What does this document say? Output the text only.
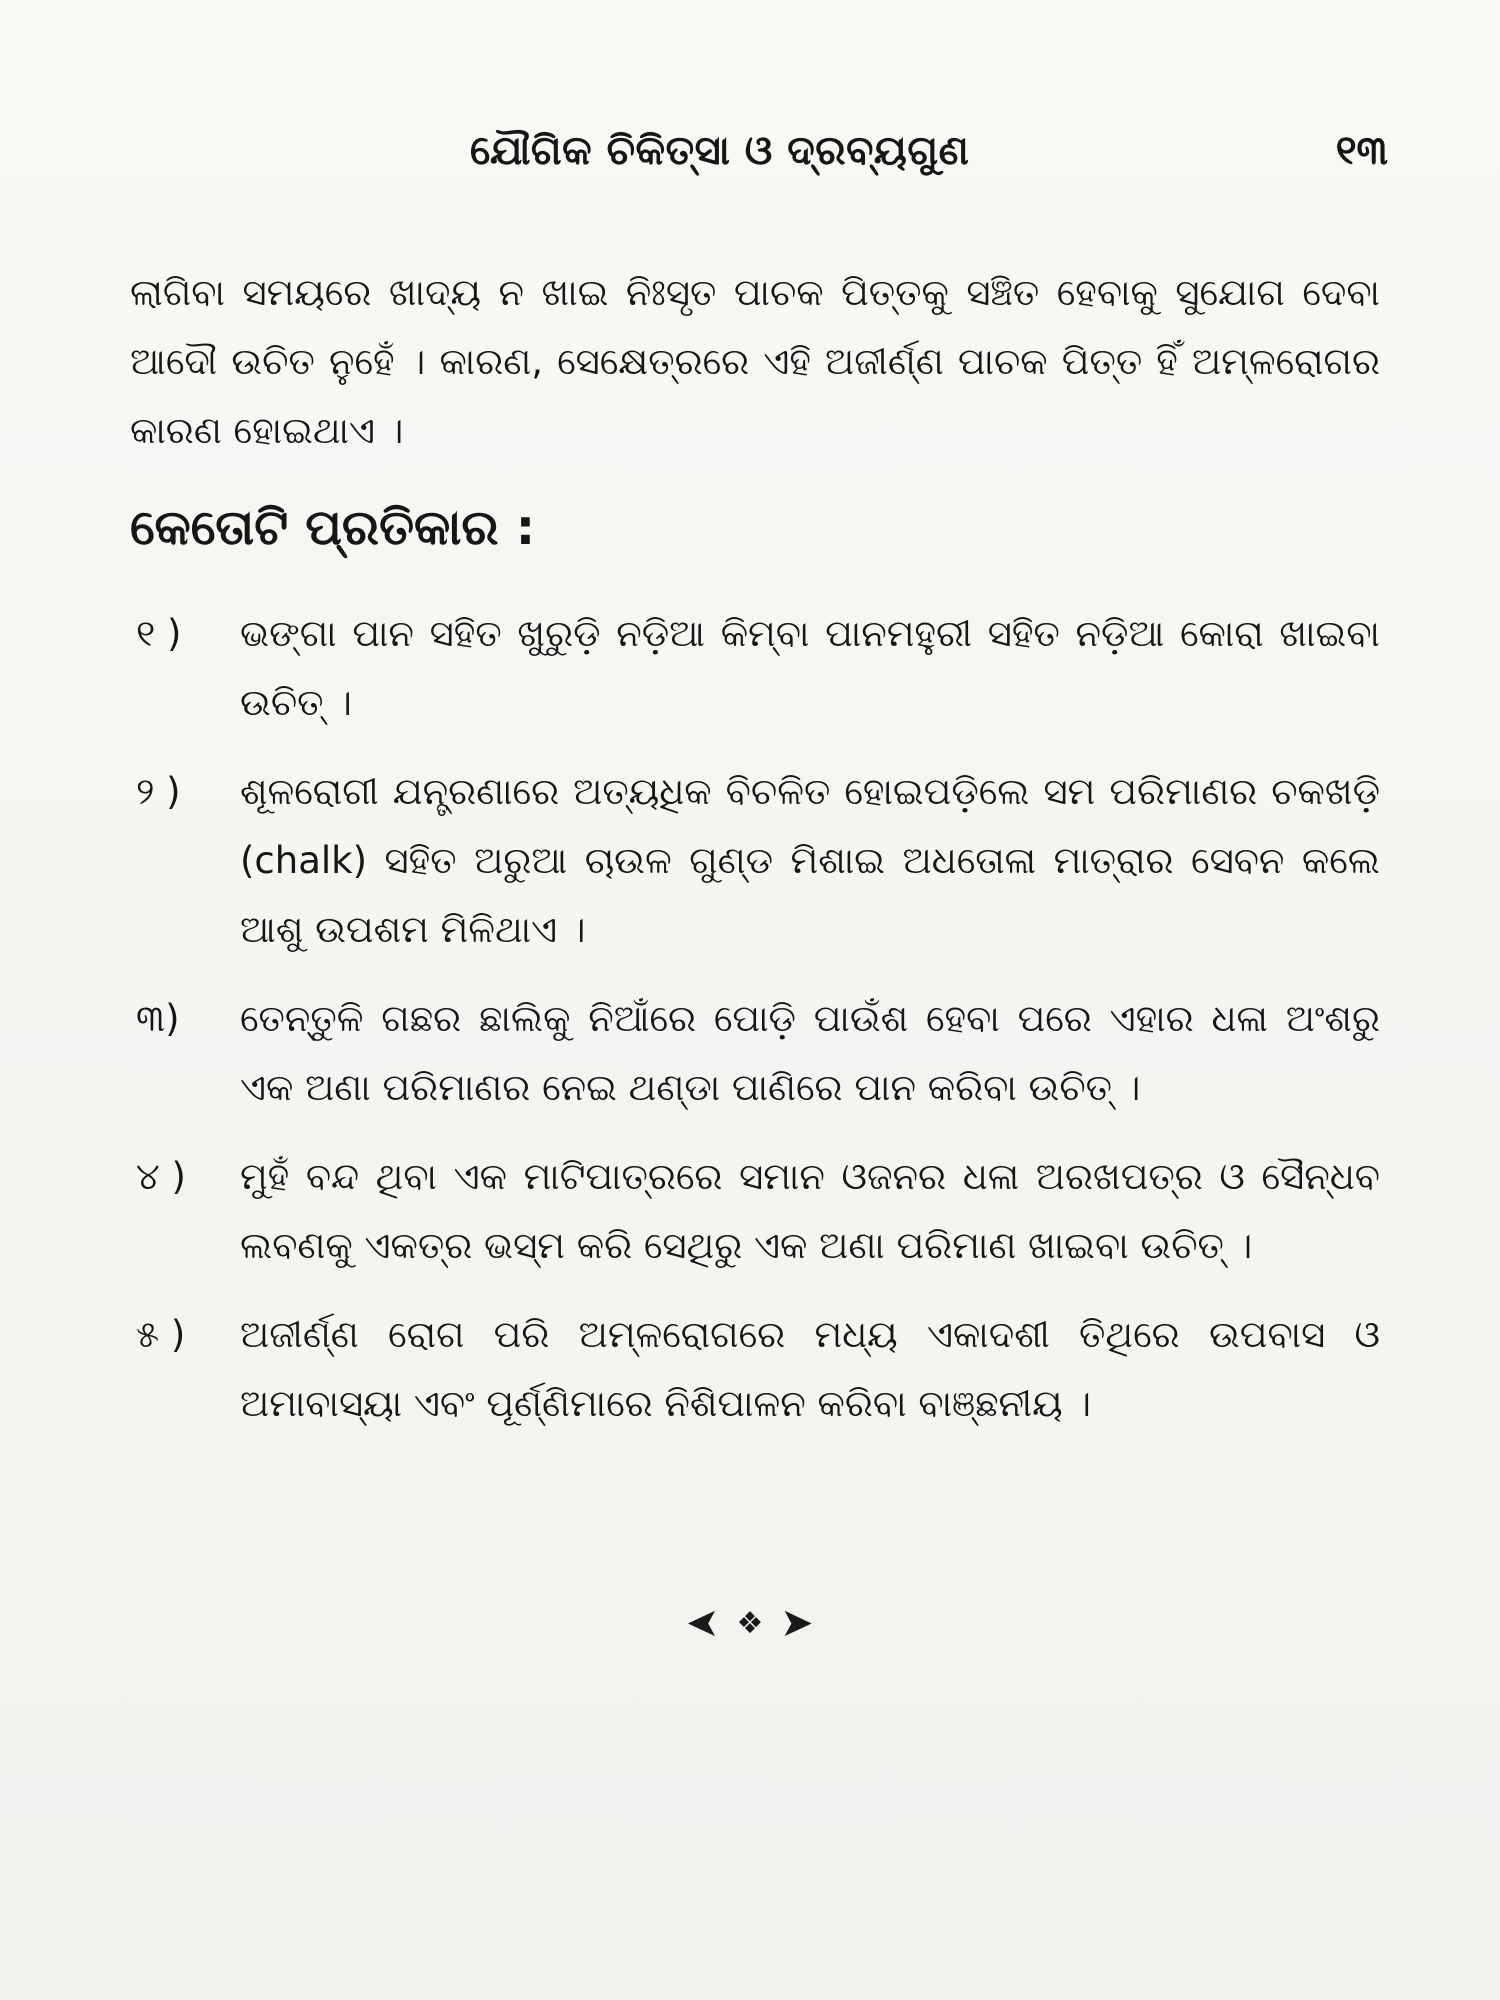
ଯୌଗିକ ଚିକିତ୍ସା ଓ ଦ୍ରବ୍ୟଗୁଣ	୧୩

ଲାଗିବା ସମୟରେ ଖାଦ୍ୟ ନ ଖାଇ ନିଃସୃତ ପାଚକ ପିତ୍ତକୁ ସଞ୍ଚିତ ହେବାକୁ ସୁଯୋଗ ଦେବା ଆଦୌ ଉଚିତ ନୁହେଁ । କାରଣ, ସେକ୍ଷେତ୍ରରେ ଏହି ଅଜୀର୍ଣ୍ଣ ପାଚକ ପିତ୍ତ ହିଁ ଅମ୍ଳରୋଗର କାରଣ ହୋଇଥାଏ ।

କେତୋଟି ପ୍ରତିକାର :
୧ ) ଭଙ୍ଗା ପାନ ସହିତ ଖୁରୁଡ଼ି ନଡ଼ିଆ କିମ୍ବା ପାନମହୁରୀ ସହିତ ନଡ଼ିଆ କୋରା ଖାଇବା ଉଚିତ୍ ।
୨ ) ଶୂଳରୋଗୀ ଯନ୍ତ୍ରଣାରେ ଅତ୍ୟଧିକ ବିଚଳିତ ହୋଇପଡ଼ିଲେ ସମ ପରିମାଣର ଚକଖଡ଼ି (chalk) ସହିତ ଅରୁଆ ଚାଉଳ ଗୁଣ୍ଡ ମିଶାଇ ଅଧତୋଳା ମାତ୍ରାର ସେବନ କଲେ ଆଶୁ ଉପଶମ ମିଳିଥାଏ ।
୩) ତେନ୍ତୁଳି ଗଛର ଛାଲିକୁ ନିଆଁରେ ପୋଡ଼ି ପାଉଁଶ ହେବା ପରେ ଏହାର ଧଳା ଅଂଶରୁ ଏକ ଅଣା ପରିମାଣର ନେଇ ଥଣ୍ଡା ପାଣିରେ ପାନ କରିବା ଉଚିତ୍ ।
୪ ) ମୁହଁ ବନ୍ଦ ଥିବା ଏକ ମାଟିପାତ୍ରରେ ସମାନ ଓଜନର ଧଳା ଅରଖପତ୍ର ଓ ସୈନ୍ଧବ ଲବଣକୁ ଏକତ୍ର ଭସ୍ମ କରି ସେଥିରୁ ଏକ ଅଣା ପରିମାଣ ଖାଇବା ଉଚିତ୍ ।
୫ ) ଅଜୀର୍ଣ୍ଣ ରୋଗ ପରି ଅମ୍ଳରୋଗରେ ମଧ୍ୟ ଏକାଦଶୀ ତିଥିରେ ଉପବାସ ଓ ଅମାବାସ୍ୟା ଏବଂ ପୂର୍ଣ୍ଣିମାରେ ନିଶିପାଳନ କରିବା ବାଞ୍ଛନୀୟ ।
➤ ❖ ➤
